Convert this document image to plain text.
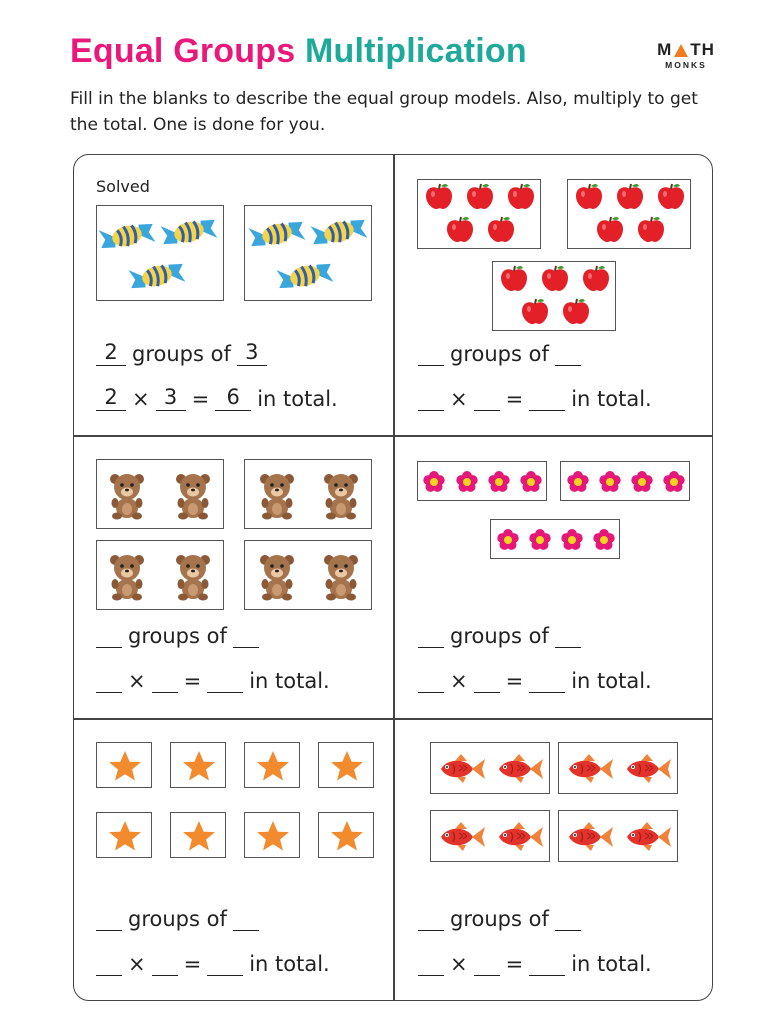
Equal Groups Multiplication	M TH
MONKS
Fill in the blanks to describe the equal group models. Also, multiply to get the total. One is done for you.
Solved
2 groups of 3
2 × 3 = 6 in total.
groups of
× = in total.
groups of
× = in total.
groups of
× = in total.
groups of
× = in total.
groups of
× = in total.
